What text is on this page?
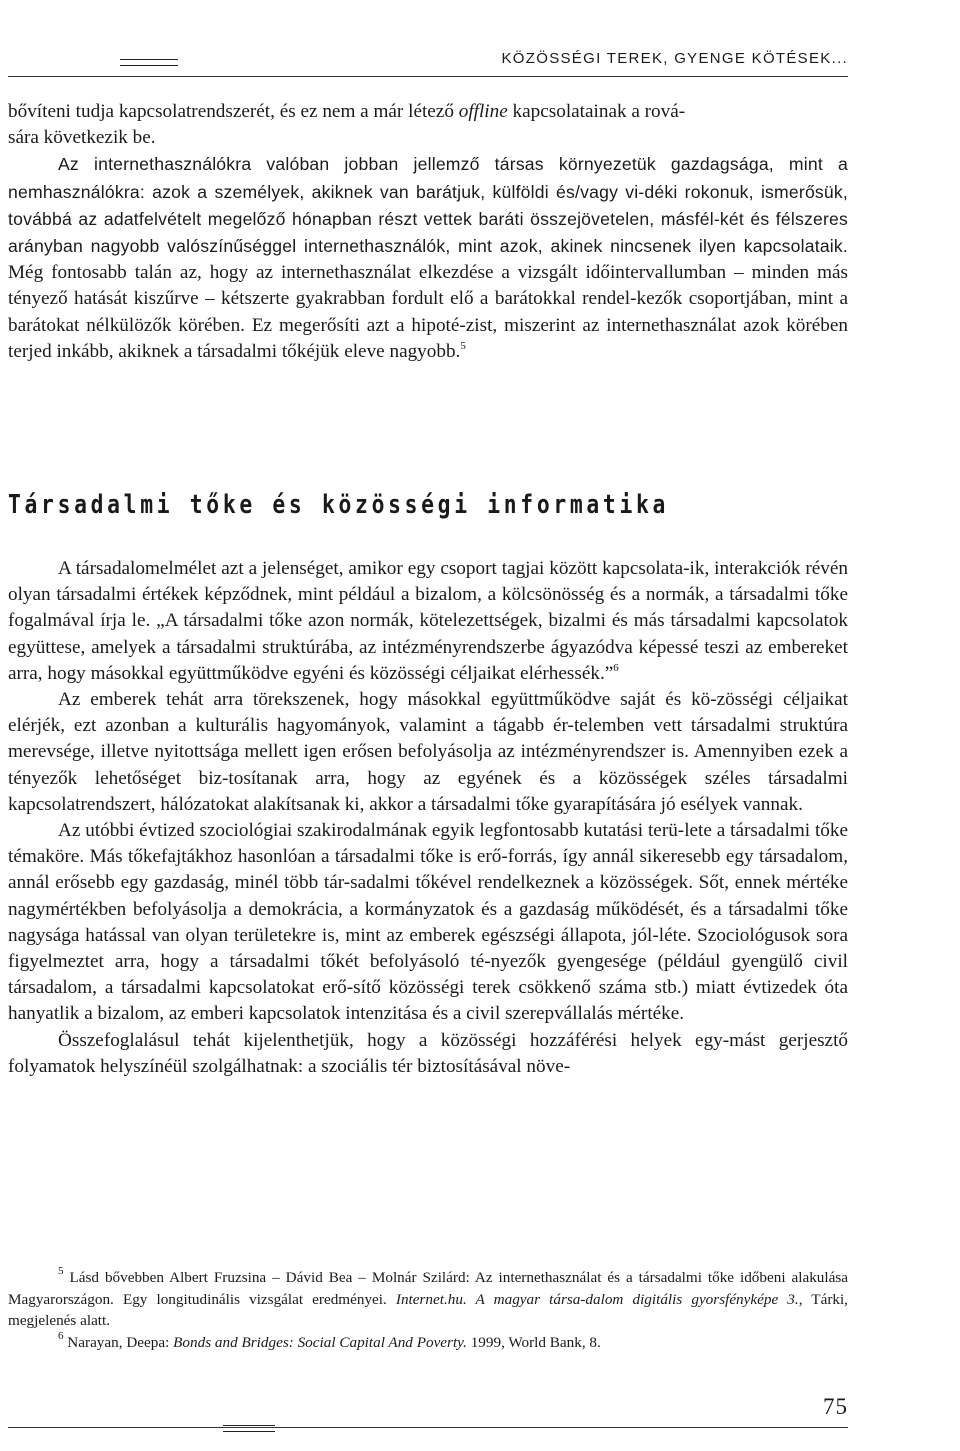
KÖZÖSSÉGI TEREK, GYENGE KÖTÉSEK...

bővíteni tudja kapcsolatrendszerét, és ez nem a már létező offline kapcsolatainak a rová-
sára következik be.

Az internethasználókra valóban jobban jellemző társas környezetük gazdagsága, mint a nemhasználókra: azok a személyek, akiknek van barátjuk, külföldi és/vagy vi-déki rokonuk, ismerősük, továbbá az adatfelvételt megelőző hónapban részt vettek baráti összejövetelen, másfél-két és félszeres arányban nagyobb valószínűséggel internethasználók, mint azok, akinek nincsenek ilyen kapcsolataik. Még fontosabb talán az, hogy az internethasználat elkezdése a vizsgált időintervallumban – minden más tényező hatását kiszűrve – kétszerte gyakrabban fordult elő a barátokkal rendel-kezők csoportjában, mint a barátokat nélkülözők körében. Ez megerősíti azt a hipoté-zist, miszerint az internethasználat azok körében terjed inkább, akiknek a társadalmi tőkéjük eleve nagyobb.$^5$

Társadalmi tőke és közösségi informatika

A társadalomelmélet azt a jelenséget, amikor egy csoport tagjai között kapcsolata-ik, interakciók révén olyan társadalmi értékek képződnek, mint például a bizalom, a kölcsönösség és a normák, a társadalmi tőke fogalmával írja le. „A társadalmi tőke azon normák, kötelezettségek, bizalmi és más társadalmi kapcsolatok együttese, amelyek a társadalmi struktúrába, az intézményrendszerbe ágyazódva képessé teszi az embereket arra, hogy másokkal együttműködve egyéni és közösségi céljaikat elérhessék.”$^6$

Az emberek tehát arra törekszenek, hogy másokkal együttműködve saját és kö-zösségi céljaikat elérjék, ezt azonban a kulturális hagyományok, valamint a tágabb ér-telemben vett társadalmi struktúra merevsége, illetve nyitottsága mellett igen erősen befolyásolja az intézményrendszer is. Amennyiben ezek a tényezők lehetőséget biz-tosítanak arra, hogy az egyének és a közösségek széles társadalmi kapcsolatrendszert, hálózatokat alakítsanak ki, akkor a társadalmi tőke gyarapítására jó esélyek vannak.

Az utóbbi évtized szociológiai szakirodalmának egyik legfontosabb kutatási terü-lete a társadalmi tőke témaköre. Más tőkefajtákhoz hasonlóan a társadalmi tőke is erő-forrás, így annál sikeresebb egy társadalom, annál erősebb egy gazdaság, minél több tár-sadalmi tőkével rendelkeznek a közösségek. Sőt, ennek mértéke nagymértékben befolyásolja a demokrácia, a kormányzatok és a gazdaság működését, és a társadalmi tőke nagysága hatással van olyan területekre is, mint az emberek egészségi állapota, jól-léte. Szociológusok sora figyelmeztet arra, hogy a társadalmi tőkét befolyásoló té-nyezők gyengesége (például gyengülő civil társadalom, a társadalmi kapcsolatokat erő-sítő közösségi terek csökkenő száma stb.) miatt évtizedek óta hanyatlik a bizalom, az emberi kapcsolatok intenzitása és a civil szerepvállalás mértéke.

Összefoglalásul tehát kijelenthetjük, hogy a közösségi hozzáférési helyek egy-mást gerjesztő folyamatok helyszínéül szolgálhatnak: a szociális tér biztosításával növe-

$^5$ Lásd bővebben Albert Fruzsina – Dávid Bea – Molnár Szilárd: Az internethasználat és a társadalmi tőke időbeni alakulása Magyarországon. Egy longitudinális vizsgálat eredményei. Internet.hu. A magyar társa-dalom digitális gyorsfényképe 3., Tárki, megjelenés alatt.

$^6$ Narayan, Deepa: Bonds and Bridges: Social Capital And Poverty. 1999, World Bank, 8.

75
